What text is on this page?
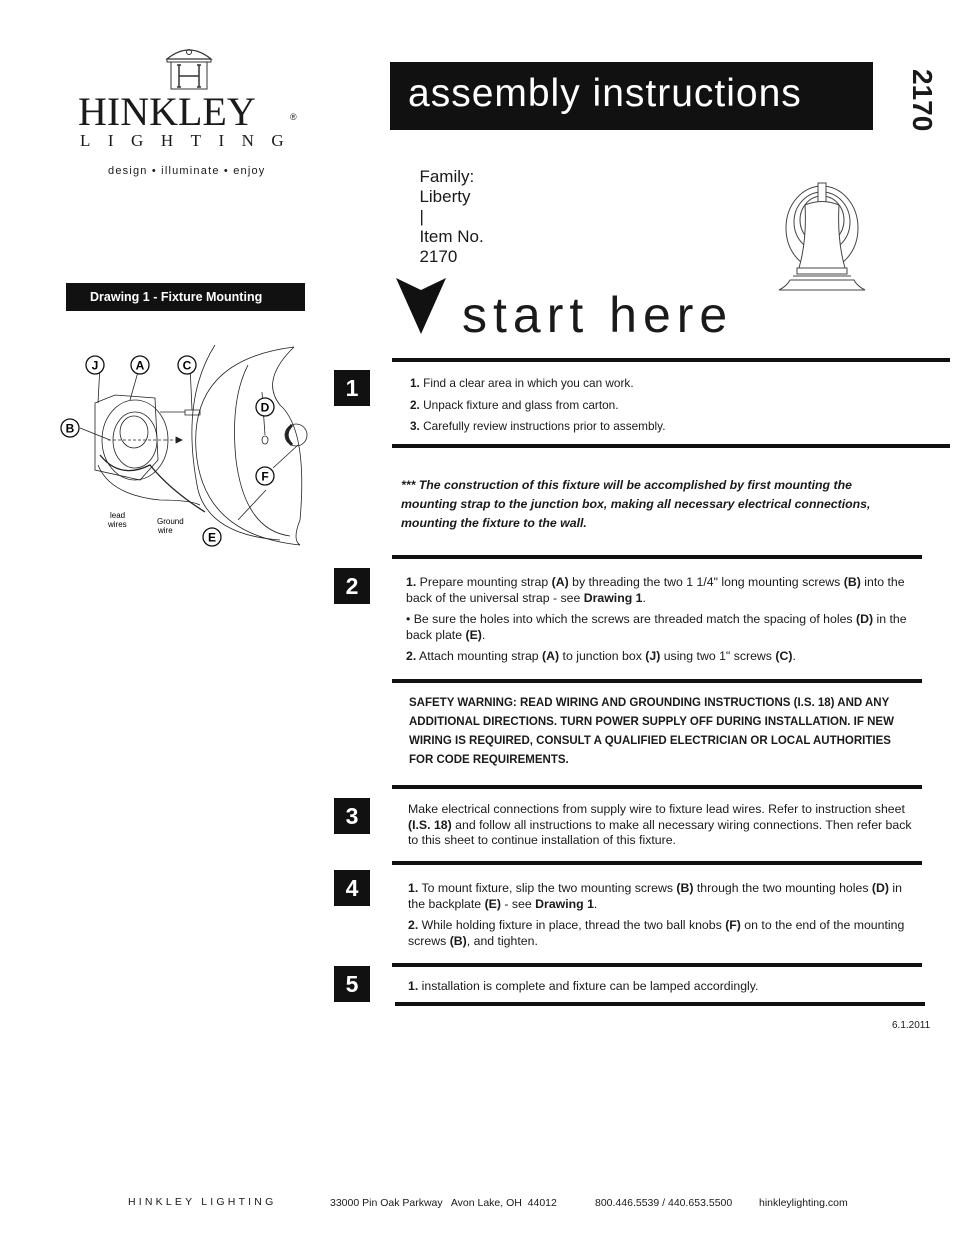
HINKLEY	®
LIGHTING
design • illuminate • enjoy
assembly instructions	2170

Family:
Liberty
|
Item No.
2170

Drawing 1 - Fixture Mounting
J	A	C
B
D
F
E
lead
wires	Ground
wire
start here
1
2
3
4
5

1. Find a clear area in which you can work.

2. Unpack fixture and glass from carton.

3. Carefully review instructions prior to assembly.

*** The construction of this fixture will be accomplished by first mounting the mounting strap to the junction box, making all necessary electrical connections, mounting the fixture to the wall.

1. Prepare mounting strap (A) by threading the two 1 1/4" long mounting screws (B) into the back of the universal strap - see Drawing 1.

• Be sure the holes into which the screws are threaded match the spacing of holes (D) in the back plate (E).

2. Attach mounting strap (A) to junction box (J) using two 1" screws (C).

SAFETY WARNING: READ WIRING AND GROUNDING INSTRUCTIONS (I.S. 18) AND ANY ADDITIONAL DIRECTIONS. TURN POWER SUPPLY OFF DURING INSTALLATION. IF NEW WIRING IS REQUIRED, CONSULT A QUALIFIED ELECTRICIAN OR LOCAL AUTHORITIES FOR CODE REQUIREMENTS.

Make electrical connections from supply wire to fixture lead wires. Refer to instruction sheet (I.S. 18) and follow all instructions to make all necessary wiring connections. Then refer back to this sheet to continue installation of this fixture.

1. To mount fixture, slip the two mounting screws (B) through the two mounting holes (D) in the backplate (E) - see Drawing 1.

2. While holding fixture in place, thread the two ball knobs (F) on to the end of the mounting screws (B), and tighten.

1. installation is complete and fixture can be lamped accordingly.

6.1.2011
HINKLEY LIGHTING	33000 Pin Oak Parkway   Avon Lake, OH  44012	800.446.5539 / 440.653.5500	hinkleylighting.com
